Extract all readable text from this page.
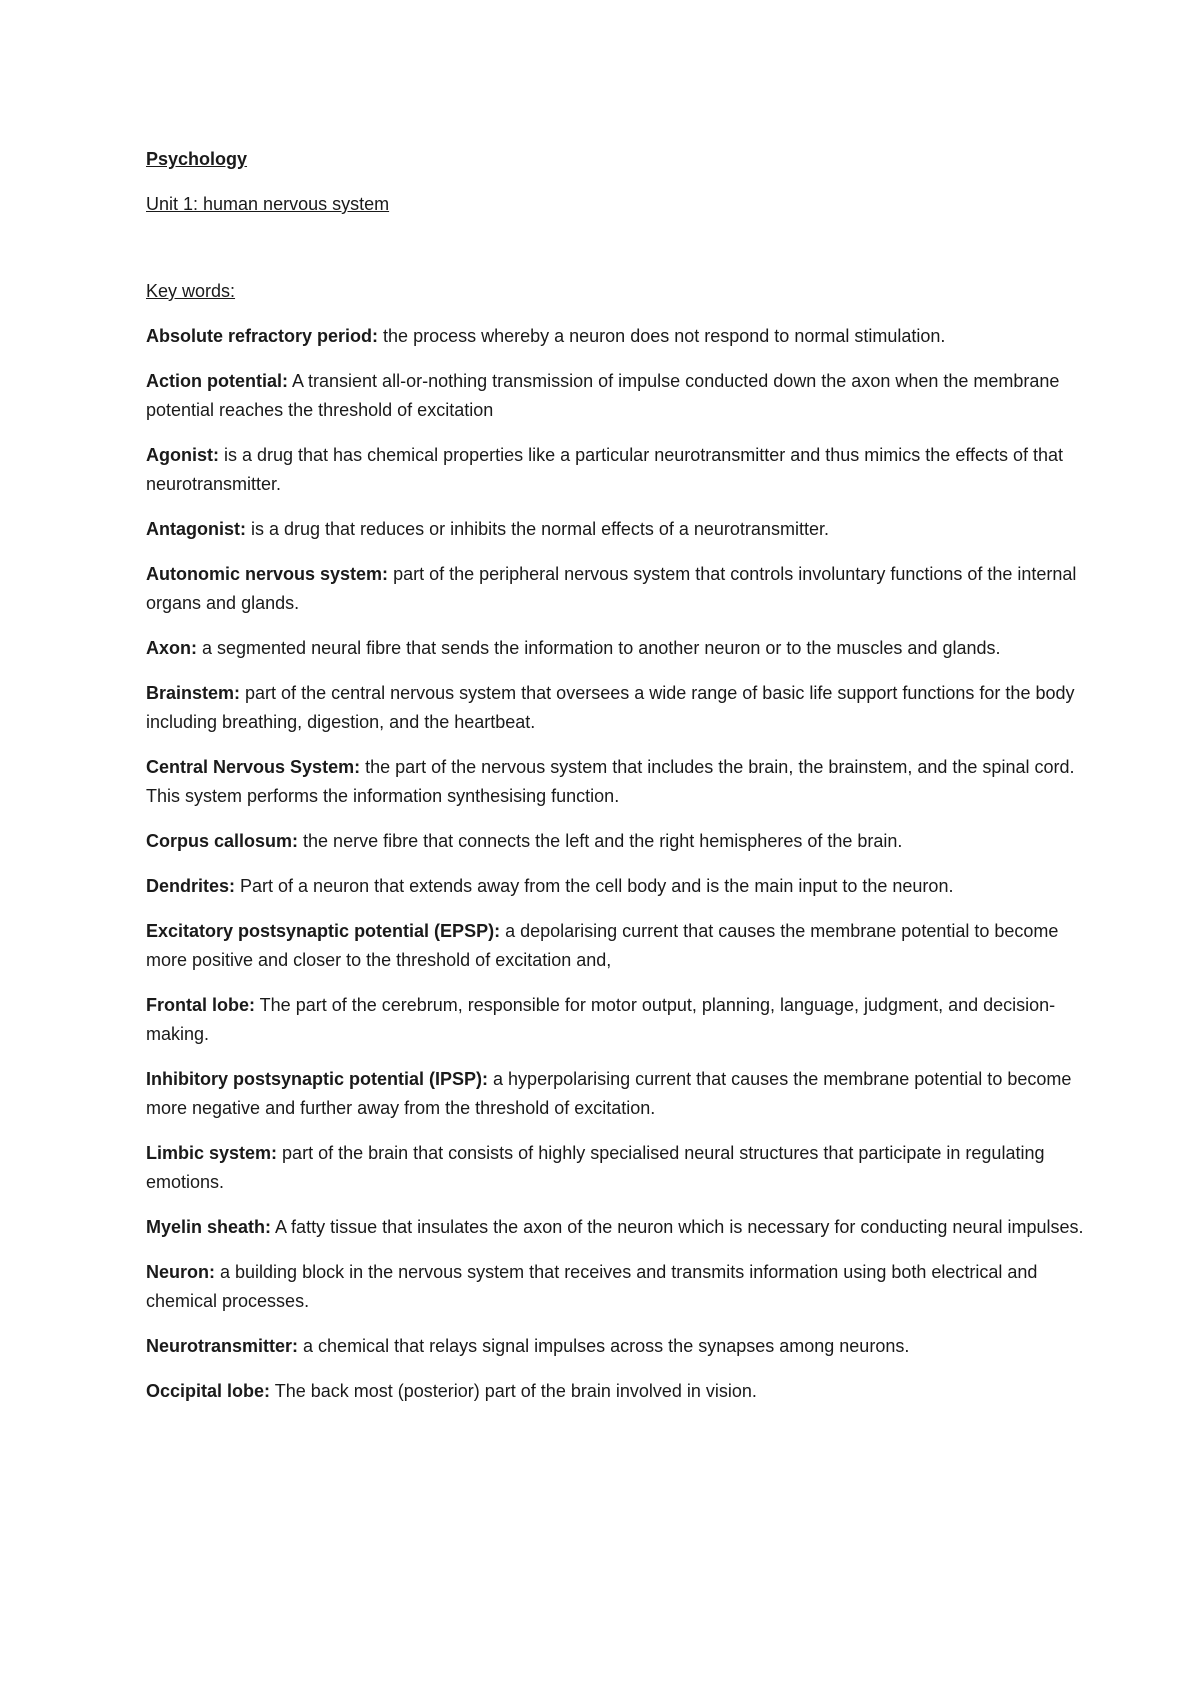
Psychology

Unit 1: human nervous system

Key words:

Absolute refractory period: the process whereby a neuron does not respond to normal stimulation.
Action potential: A transient all-or-nothing transmission of impulse conducted down the axon when the membrane potential reaches the threshold of excitation
Agonist: is a drug that has chemical properties like a particular neurotransmitter and thus mimics the effects of that neurotransmitter.
Antagonist: is a drug that reduces or inhibits the normal effects of a neurotransmitter.
Autonomic nervous system: part of the peripheral nervous system that controls involuntary functions of the internal organs and glands.
Axon: a segmented neural fibre that sends the information to another neuron or to the muscles and glands.
Brainstem: part of the central nervous system that oversees a wide range of basic life support functions for the body including breathing, digestion, and the heartbeat.
Central Nervous System: the part of the nervous system that includes the brain, the brainstem, and the spinal cord. This system performs the information synthesising function.
Corpus callosum: the nerve fibre that connects the left and the right hemispheres of the brain.
Dendrites: Part of a neuron that extends away from the cell body and is the main input to the neuron.
Excitatory postsynaptic potential (EPSP): a depolarising current that causes the membrane potential to become more positive and closer to the threshold of excitation and,
Frontal lobe: The part of the cerebrum, responsible for motor output, planning, language, judgment, and decision-making.
Inhibitory postsynaptic potential (IPSP): a hyperpolarising current that causes the membrane potential to become more negative and further away from the threshold of excitation.
Limbic system: part of the brain that consists of highly specialised neural structures that participate in regulating emotions.
Myelin sheath: A fatty tissue that insulates the axon of the neuron which is necessary for conducting neural impulses.
Neuron: a building block in the nervous system that receives and transmits information using both electrical and chemical processes.
Neurotransmitter: a chemical that relays signal impulses across the synapses among neurons.
Occipital lobe: The back most (posterior) part of the brain involved in vision.
